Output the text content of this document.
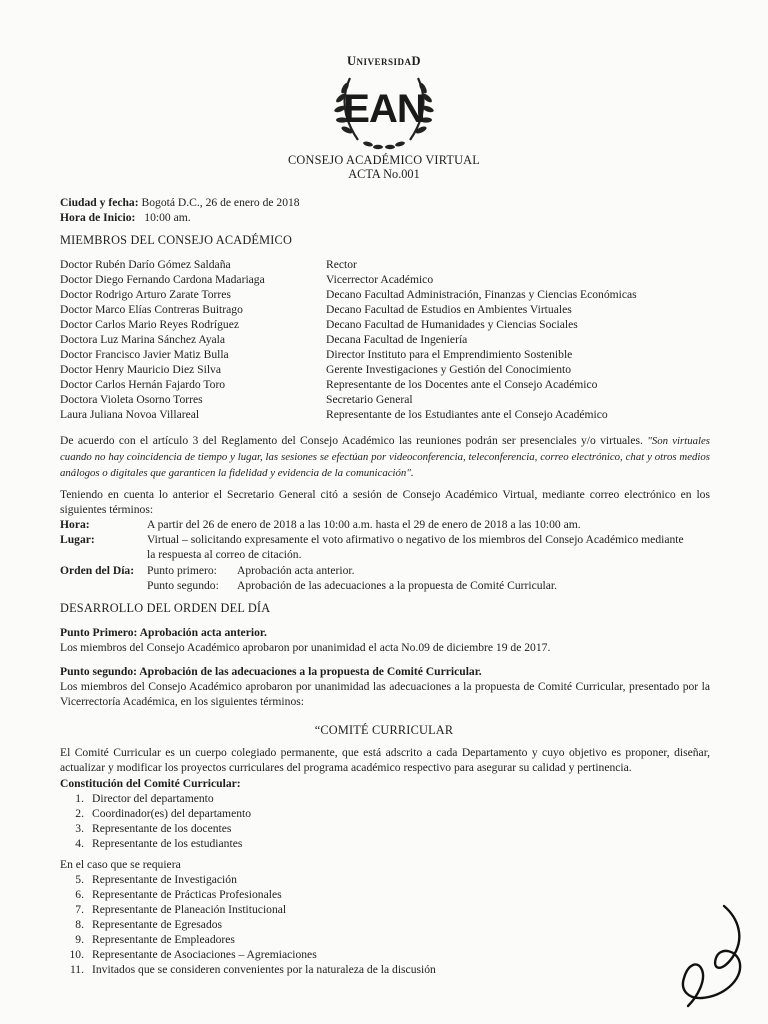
UniversidaD
EAN
CONSEJO ACADÉMICO VIRTUAL
ACTA No.001
Ciudad y fecha: Bogotá D.C., 26 de enero de 2018
Hora de Inicio: 10:00 am.
MIEMBROS DEL CONSEJO ACADÉMICO
Doctor Rubén Darío Gómez Saldaña	Rector
Doctor Diego Fernando Cardona Madariaga	Vicerrector Académico
Doctor Rodrigo Arturo Zarate Torres	Decano Facultad Administración, Finanzas y Ciencias Económicas
Doctor Marco Elías Contreras Buitrago	Decano Facultad de Estudios en Ambientes Virtuales
Doctor Carlos Mario Reyes Rodríguez	Decano Facultad de Humanidades y Ciencias Sociales
Doctora Luz Marina Sánchez Ayala	Decana Facultad de Ingeniería
Doctor Francisco Javier Matiz Bulla	Director Instituto para el Emprendimiento Sostenible
Doctor Henry Mauricio Diez Silva	Gerente Investigaciones y Gestión del Conocimiento
Doctor Carlos Hernán Fajardo Toro	Representante de los Docentes ante el Consejo Académico
Doctora Violeta Osorno Torres	Secretario General
Laura Juliana Novoa Villareal	Representante de los Estudiantes ante el Consejo Académico
De acuerdo con el artículo 3 del Reglamento del Consejo Académico las reuniones podrán ser presenciales y/o virtuales. "Son virtuales cuando no hay coincidencia de tiempo y lugar, las sesiones se efectúan por videoconferencia, teleconferencia, correo electrónico, chat y otros medios análogos o digitales que garanticen la fidelidad y evidencia de la comunicación".
Teniendo en cuenta lo anterior el Secretario General citó a sesión de Consejo Académico Virtual, mediante correo electrónico en los siguientes términos:
Hora:	A partir del 26 de enero de 2018 a las 10:00 a.m. hasta el 29 de enero de 2018 a las 10:00 am.
Lugar:	Virtual – solicitando expresamente el voto afirmativo o negativo de los miembros del Consejo Académico mediante
la respuesta al correo de citación.
Orden del Día: Punto primero: Aprobación acta anterior.
Punto segundo: Aprobación de las adecuaciones a la propuesta de Comité Curricular.
DESARROLLO DEL ORDEN DEL DÍA
Punto Primero: Aprobación acta anterior.
Los miembros del Consejo Académico aprobaron por unanimidad el acta No.09 de diciembre 19 de 2017.
Punto segundo: Aprobación de las adecuaciones a la propuesta de Comité Curricular.
Los miembros del Consejo Académico aprobaron por unanimidad las adecuaciones a la propuesta de Comité Curricular, presentado por la Vicerrectoría Académica, en los siguientes términos:
“COMITÉ CURRICULAR
El Comité Curricular es un cuerpo colegiado permanente, que está adscrito a cada Departamento y cuyo objetivo es proponer, diseñar, actualizar y modificar los proyectos curriculares del programa académico respectivo para asegurar su calidad y pertinencia.
Constitución del Comité Curricular:
1. Director del departamento
2. Coordinador(es) del departamento
3. Representante de los docentes
4. Representante de los estudiantes
En el caso que se requiera
5. Representante de Investigación
6. Representante de Prácticas Profesionales
7. Representante de Planeación Institucional
8. Representante de Egresados
9. Representante de Empleadores
10. Representante de Asociaciones – Agremiaciones
11. Invitados que se consideren convenientes por la naturaleza de la discusión
